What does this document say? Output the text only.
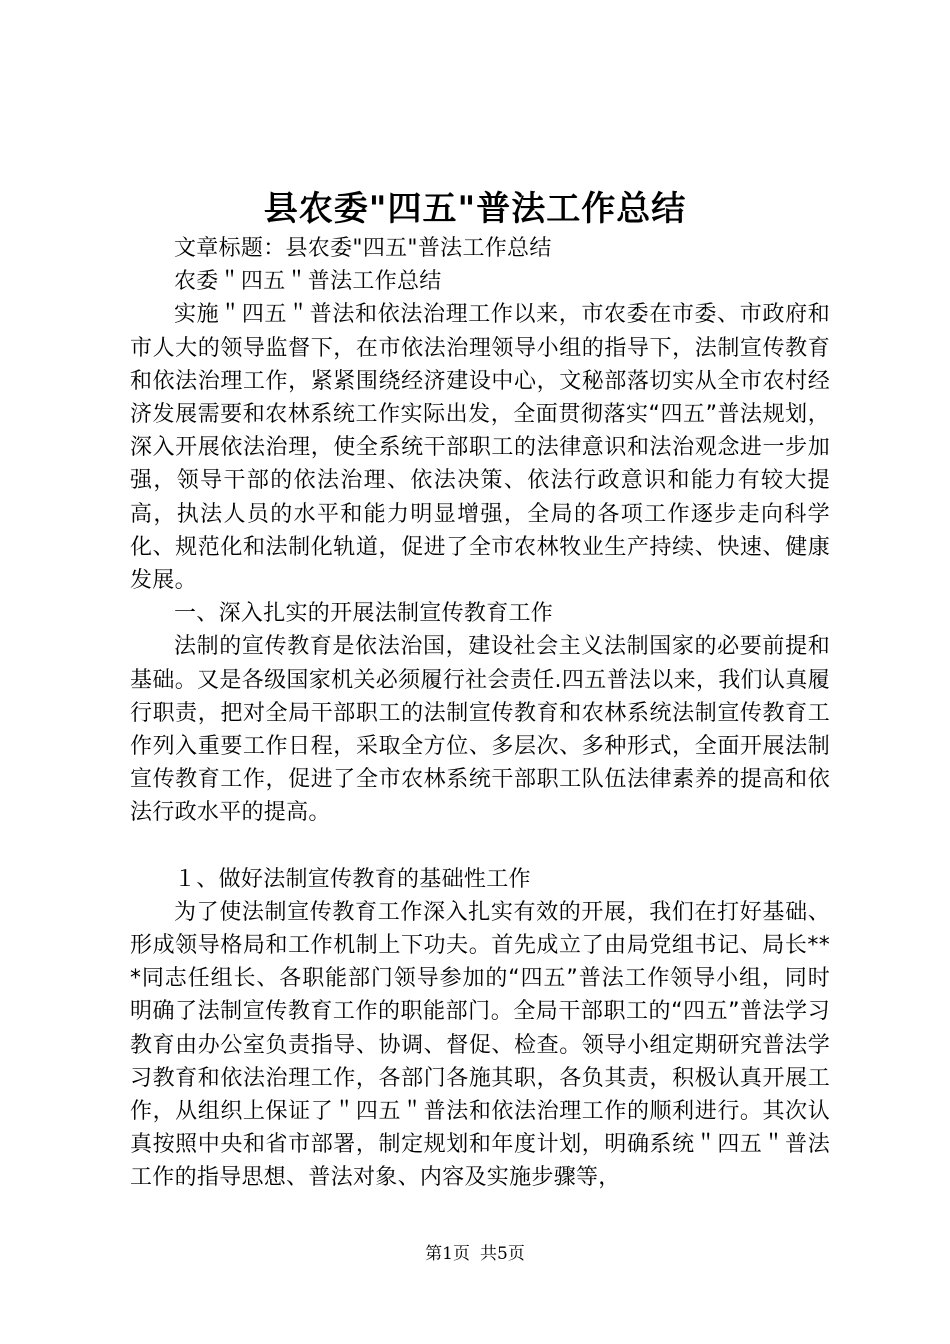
县农委"四五"普法工作总结

文章标题：县农委"四五"普法工作总结

农委＂四五＂普法工作总结

实施＂四五＂普法和依法治理工作以来，市农委在市委、市政府和市人大的领导监督下，在市依法治理领导小组的指导下，法制宣传教育和依法治理工作，紧紧围绕经济建设中心，文秘部落切实从全市农村经济发展需要和农林系统工作实际出发，全面贯彻落实“四五”普法规划，深入开展依法治理，使全系统干部职工的法律意识和法治观念进一步加强，领导干部的依法治理、依法决策、依法行政意识和能力有较大提高，执法人员的水平和能力明显增强，全局的各项工作逐步走向科学化、规范化和法制化轨道，促进了全市农林牧业生产持续、快速、健康发展。

一、深入扎实的开展法制宣传教育工作

法制的宣传教育是依法治国，建设社会主义法制国家的必要前提和基础。又是各级国家机关必须履行社会责任.四五普法以来，我们认真履行职责，把对全局干部职工的法制宣传教育和农林系统法制宣传教育工作列入重要工作日程，采取全方位、多层次、多种形式，全面开展法制宣传教育工作，促进了全市农林系统干部职工队伍法律素养的提高和依法行政水平的提高。

１、做好法制宣传教育的基础性工作

为了使法制宣传教育工作深入扎实有效的开展，我们在打好基础、形成领导格局和工作机制上下功夫。首先成立了由局党组书记、局长***同志任组长、各职能部门领导参加的“四五”普法工作领导小组，同时明确了法制宣传教育工作的职能部门。全局干部职工的“四五”普法学习教育由办公室负责指导、协调、督促、检查。领导小组定期研究普法学习教育和依法治理工作，各部门各施其职，各负其责，积极认真开展工作，从组织上保证了＂四五＂普法和依法治理工作的顺利进行。其次认真按照中央和省市部署，制定规划和年度计划，明确系统＂四五＂普法工作的指导思想、普法对象、内容及实施步骤等，

第1页 共5页
